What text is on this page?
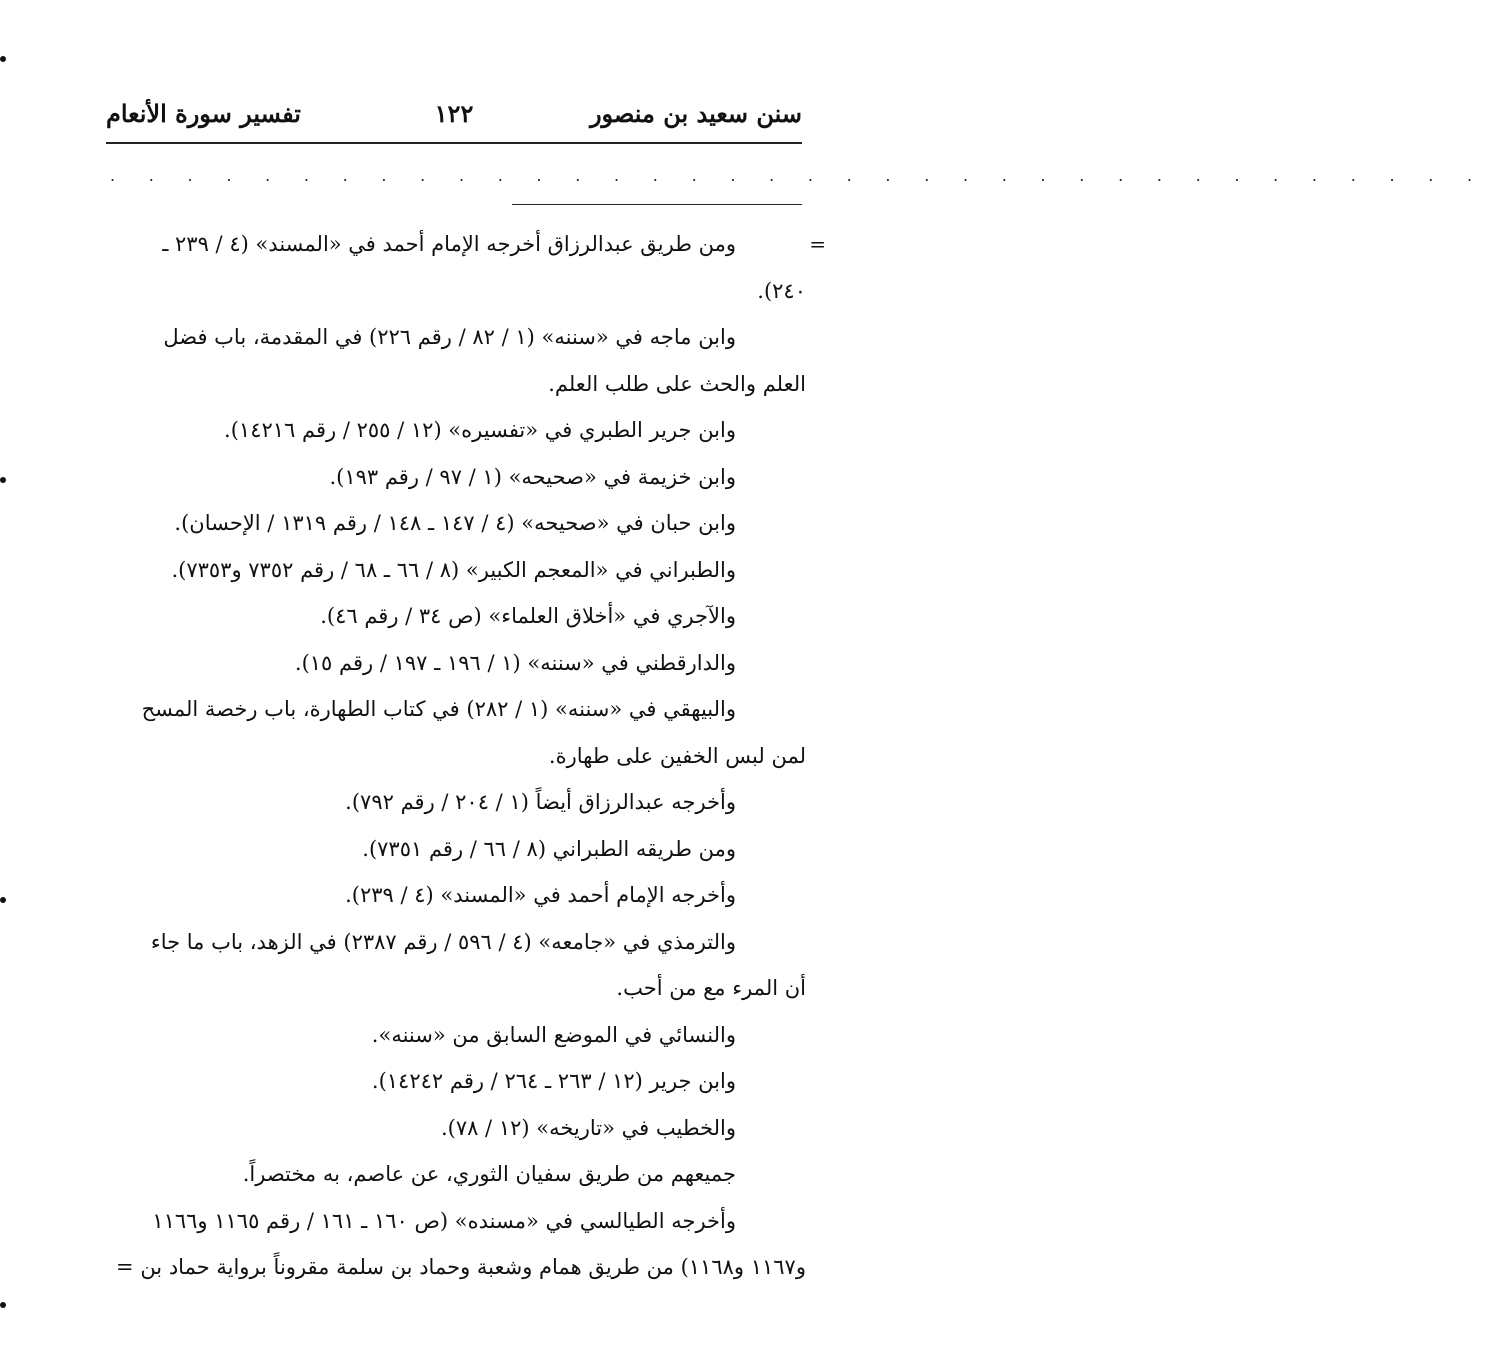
سنن سعيد بن منصور
١٢٢
تفسير سورة الأنعام
. . . . . . . . . . . . . . . . . . . . . . . . . . . . . . . . . . . .
ومن طريق عبدالرزاق أخرجه الإمام أحمد في «المسند» (٤ / ٢٣٩ ـ	=
٢٤٠).
وابن ماجه في «سننه» (١ / ٨٢ / رقم ٢٢٦) في المقدمة، باب فضل
العلم والحث على طلب العلم.
وابن جرير الطبري في «تفسيره» (١٢ / ٢٥٥ / رقم ١٤٢١٦).
وابن خزيمة في «صحيحه» (١ / ٩٧ / رقم ١٩٣).
وابن حبان في «صحيحه» (٤ / ١٤٧ ـ ١٤٨ / رقم ١٣١٩ / الإحسان).
والطبراني في «المعجم الكبير» (٨ / ٦٦ ـ ٦٨ / رقم ٧٣٥٢ و٧٣٥٣).
والآجري في «أخلاق العلماء» (ص ٣٤ / رقم ٤٦).
والدارقطني في «سننه» (١ / ١٩٦ ـ ١٩٧ / رقم ١٥).
والبيهقي في «سننه» (١ / ٢٨٢) في كتاب الطهارة، باب رخصة المسح
لمن لبس الخفين على طهارة.
وأخرجه عبدالرزاق أيضاً (١ / ٢٠٤ / رقم ٧٩٢).
ومن طريقه الطبراني (٨ / ٦٦ / رقم ٧٣٥١).
وأخرجه الإمام أحمد في «المسند» (٤ / ٢٣٩).
والترمذي في «جامعه» (٤ / ٥٩٦ / رقم ٢٣٨٧) في الزهد، باب ما جاء
أن المرء مع من أحب.
والنسائي في الموضع السابق من «سننه».
وابن جرير (١٢ / ٢٦٣ ـ ٢٦٤ / رقم ١٤٢٤٢).
والخطيب في «تاريخه» (١٢ / ٧٨).
جميعهم من طريق سفيان الثوري، عن عاصم، به مختصراً.
وأخرجه الطيالسي في «مسنده» (ص ١٦٠ ـ ١٦١ / رقم ١١٦٥ و١١٦٦
و١١٦٧ و١١٦٨) من طريق همام وشعبة وحماد بن سلمة مقروناً برواية حماد بن =
